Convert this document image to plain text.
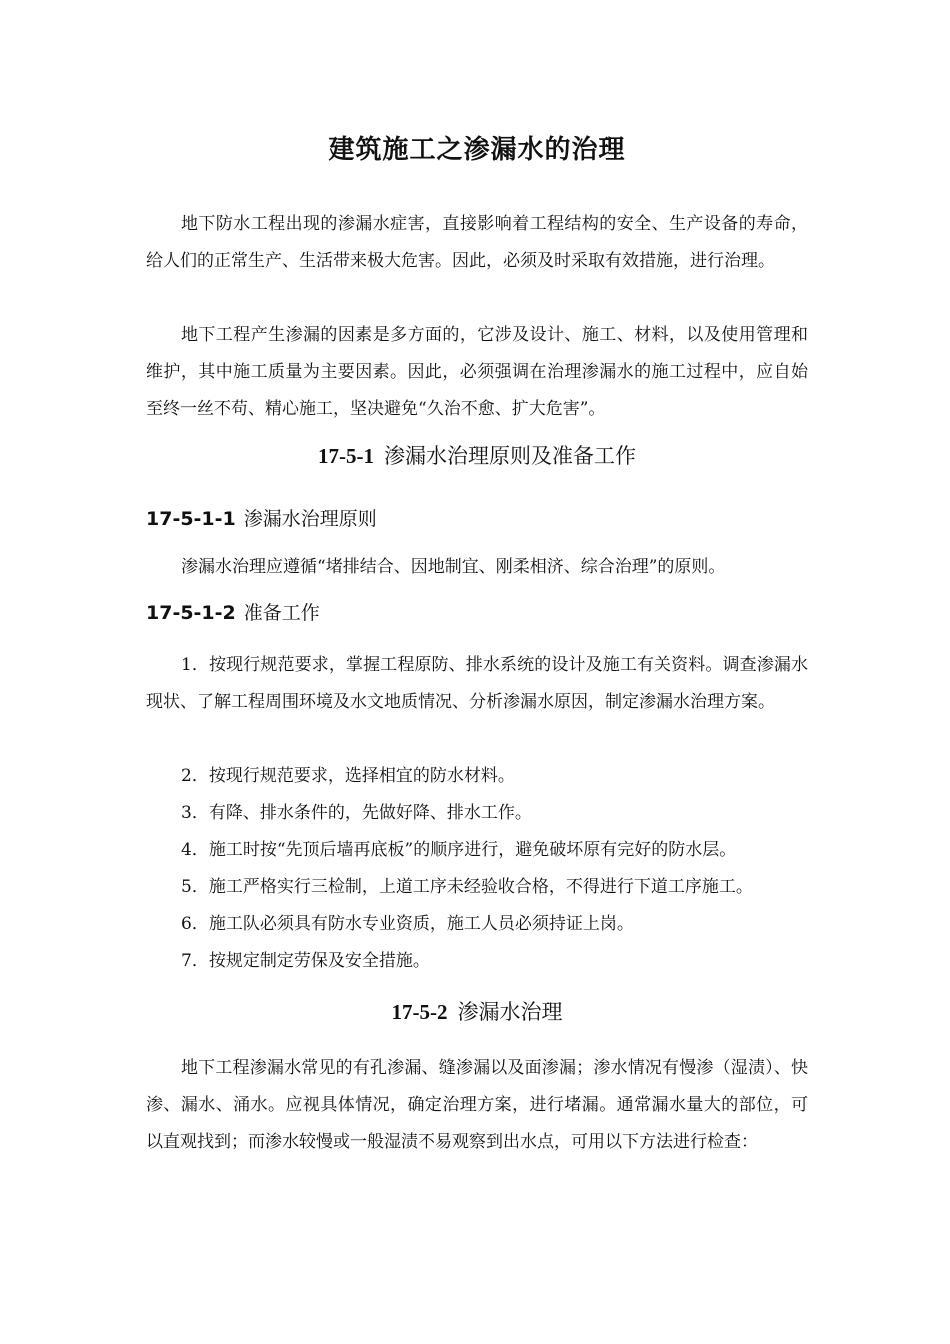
建筑施工之渗漏水的治理

地下防水工程出现的渗漏水症害，直接影响着工程结构的安全、生产设备的寿命，给人们的正常生产、生活带来极大危害。因此，必须及时采取有效措施，进行治理。

地下工程产生渗漏的因素是多方面的，它涉及设计、施工、材料，以及使用管理和维护，其中施工质量为主要因素。因此，必须强调在治理渗漏水的施工过程中，应自始至终一丝不苟、精心施工，坚决避免“久治不愈、扩大危害”。

17-5-1 渗漏水治理原则及准备工作
17-5-1-1 渗漏水治理原则

渗漏水治理应遵循“堵排结合、因地制宜、刚柔相济、综合治理”的原则。

17-5-1-2 准备工作

1．按现行规范要求，掌握工程原防、排水系统的设计及施工有关资料。调查渗漏水现状、了解工程周围环境及水文地质情况、分析渗漏水原因，制定渗漏水治理方案。

2．按现行规范要求，选择相宜的防水材料。

3．有降、排水条件的，先做好降、排水工作。

4．施工时按“先顶后墙再底板”的顺序进行，避免破坏原有完好的防水层。

5．施工严格实行三检制，上道工序未经验收合格，不得进行下道工序施工。

6．施工队必须具有防水专业资质，施工人员必须持证上岗。

7．按规定制定劳保及安全措施。

17-5-2 渗漏水治理

地下工程渗漏水常见的有孔渗漏、缝渗漏以及面渗漏；渗水情况有慢渗（湿渍）、快渗、漏水、涌水。应视具体情况，确定治理方案，进行堵漏。通常漏水量大的部位，可以直观找到；而渗水较慢或一般湿渍不易观察到出水点，可用以下方法进行检查：
